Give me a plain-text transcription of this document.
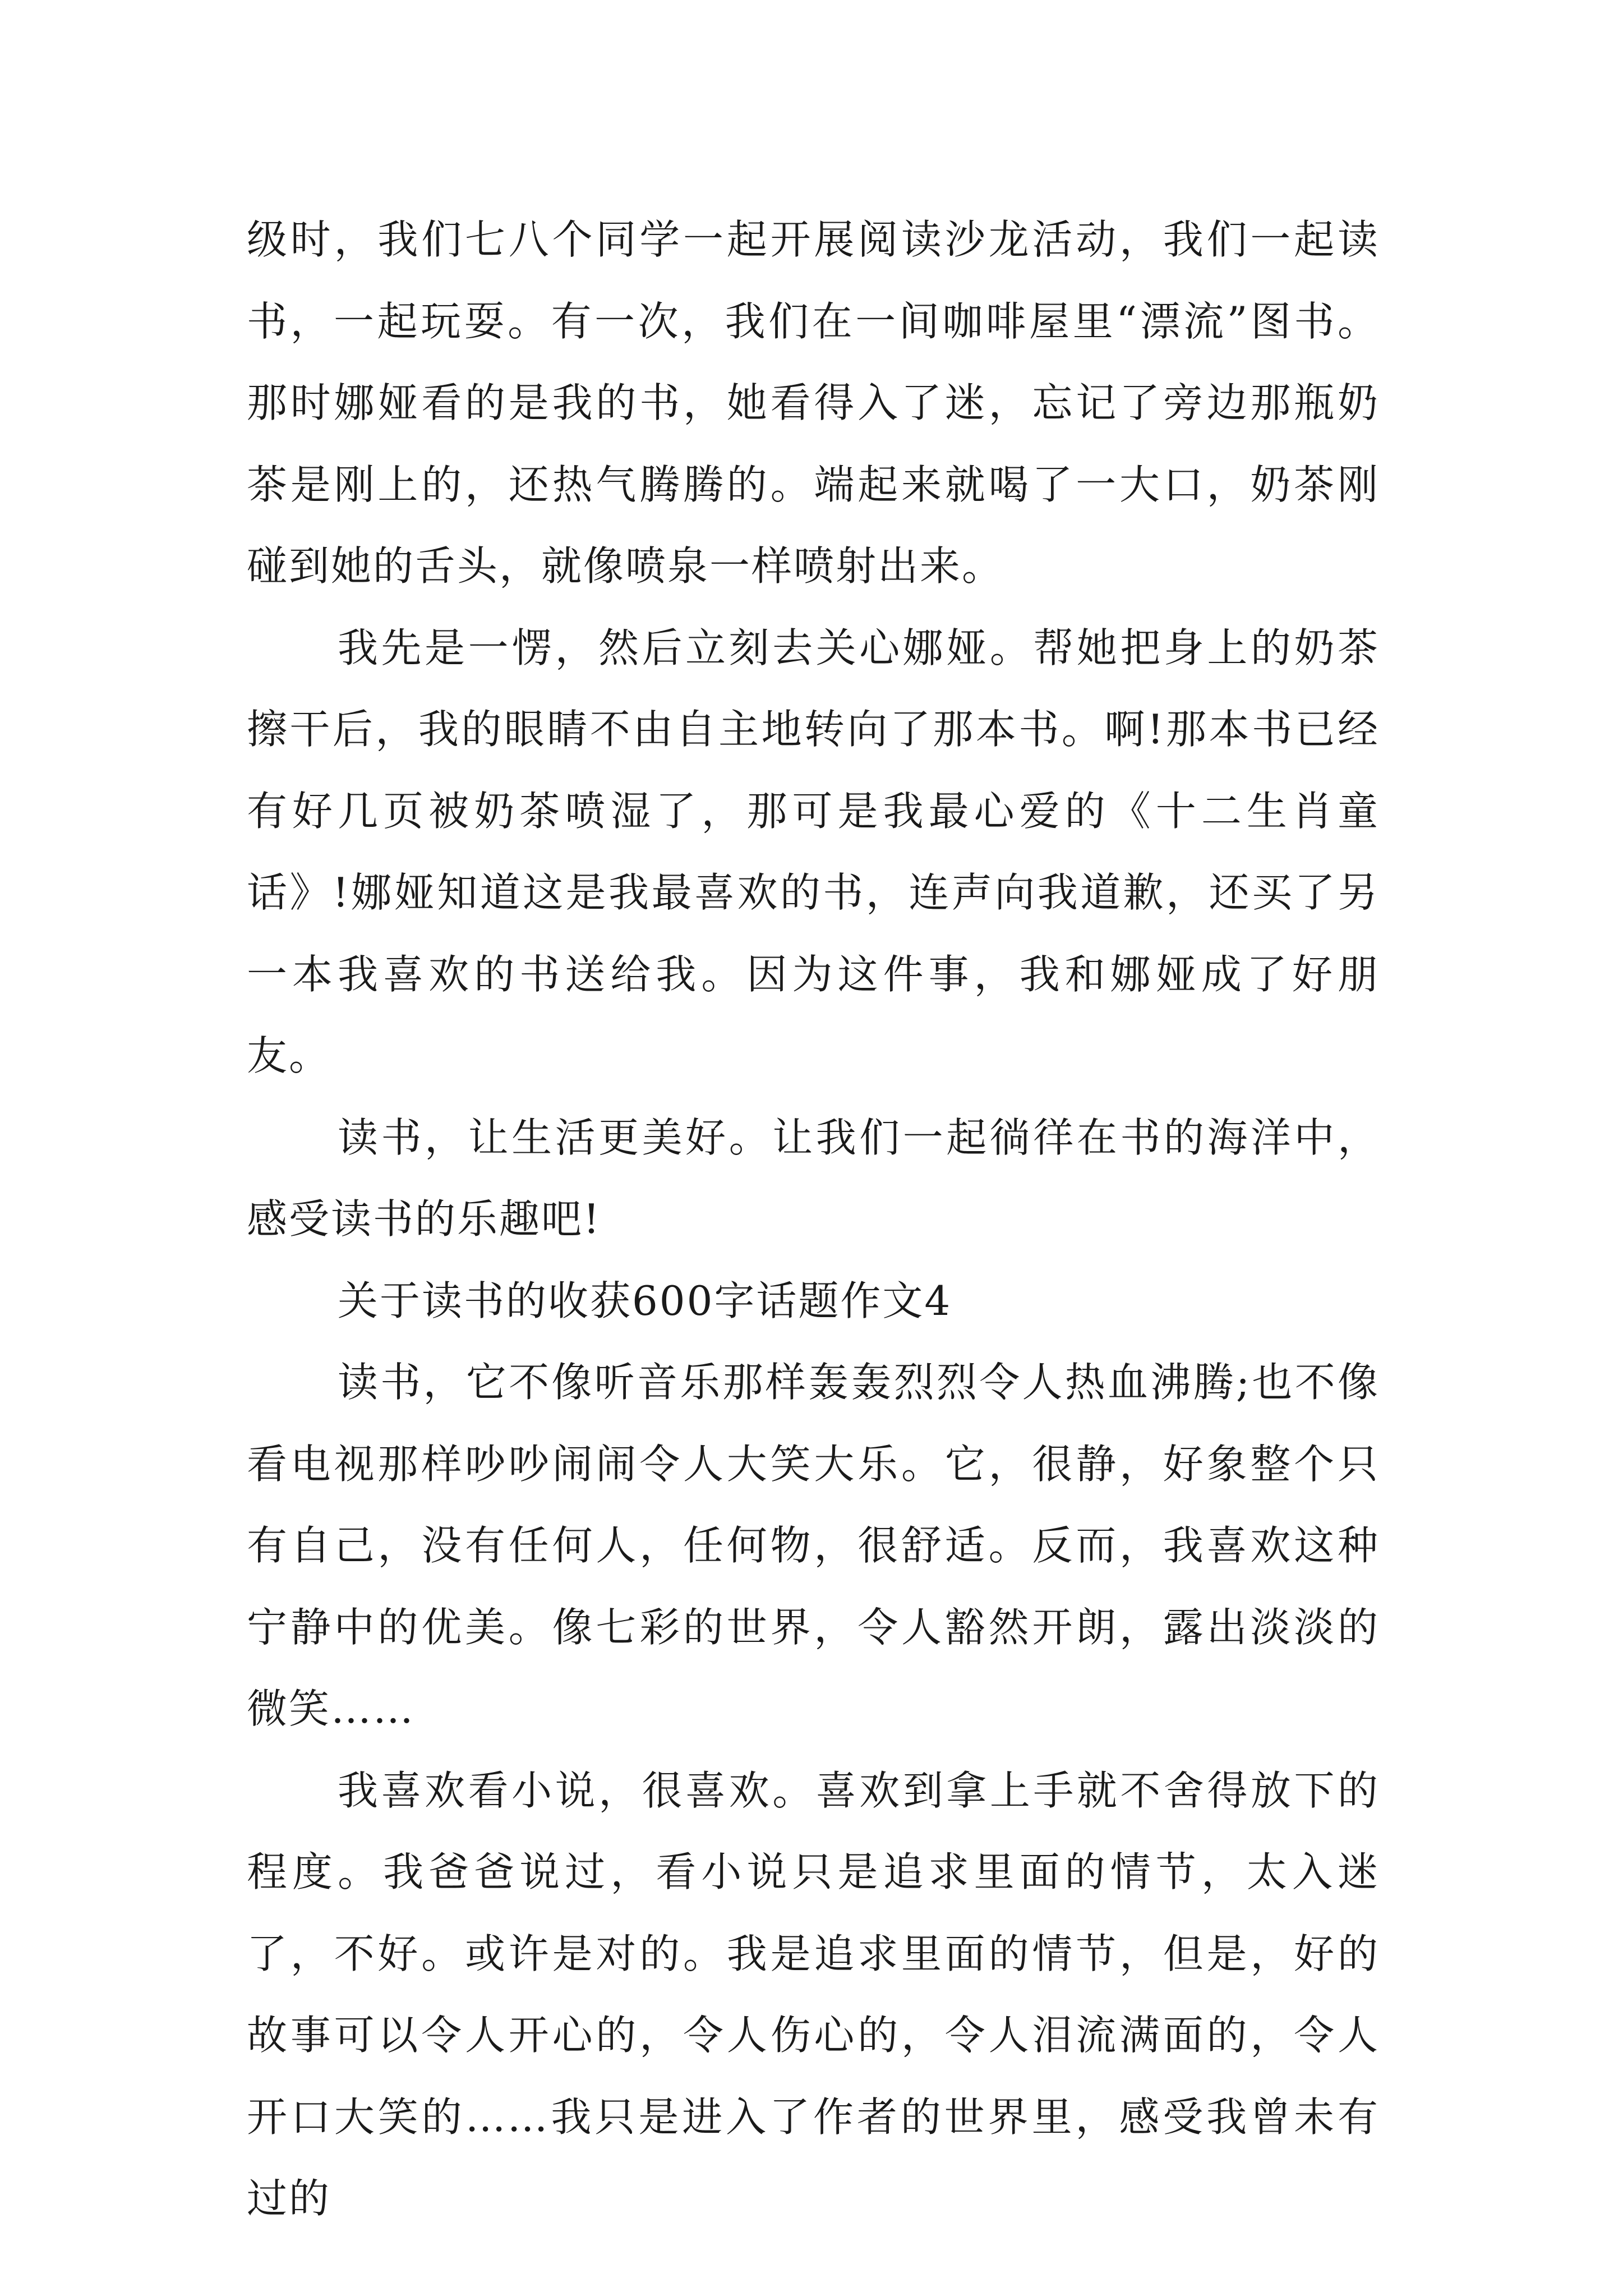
级时，我们七八个同学一起开展阅读沙龙活动，我们一起读书，一起玩耍。有一次，我们在一间咖啡屋里“漂流”图书。那时娜娅看的是我的书，她看得入了迷，忘记了旁边那瓶奶茶是刚上的，还热气腾腾的。端起来就喝了一大口，奶茶刚碰到她的舌头，就像喷泉一样喷射出来。

我先是一愣，然后立刻去关心娜娅。帮她把身上的奶茶擦干后，我的眼睛不由自主地转向了那本书。啊!那本书已经有好几页被奶茶喷湿了，那可是我最心爱的《十二生肖童话》!娜娅知道这是我最喜欢的书，连声向我道歉，还买了另一本我喜欢的书送给我。因为这件事，我和娜娅成了好朋友。

读书，让生活更美好。让我们一起徜徉在书的海洋中，感受读书的乐趣吧!

关于读书的收获600字话题作文4

读书，它不像听音乐那样轰轰烈烈令人热血沸腾;也不像看电视那样吵吵闹闹令人大笑大乐。它，很静，好象整个只有自己，没有任何人，任何物，很舒适。反而，我喜欢这种宁静中的优美。像七彩的世界，令人豁然开朗，露出淡淡的微笑……

我喜欢看小说，很喜欢。喜欢到拿上手就不舍得放下的程度。我爸爸说过，看小说只是追求里面的情节，太入迷了，不好。或许是对的。我是追求里面的情节，但是，好的故事可以令人开心的，令人伤心的，令人泪流满面的，令人开口大笑的……我只是进入了作者的世界里，感受我曾未有过的
